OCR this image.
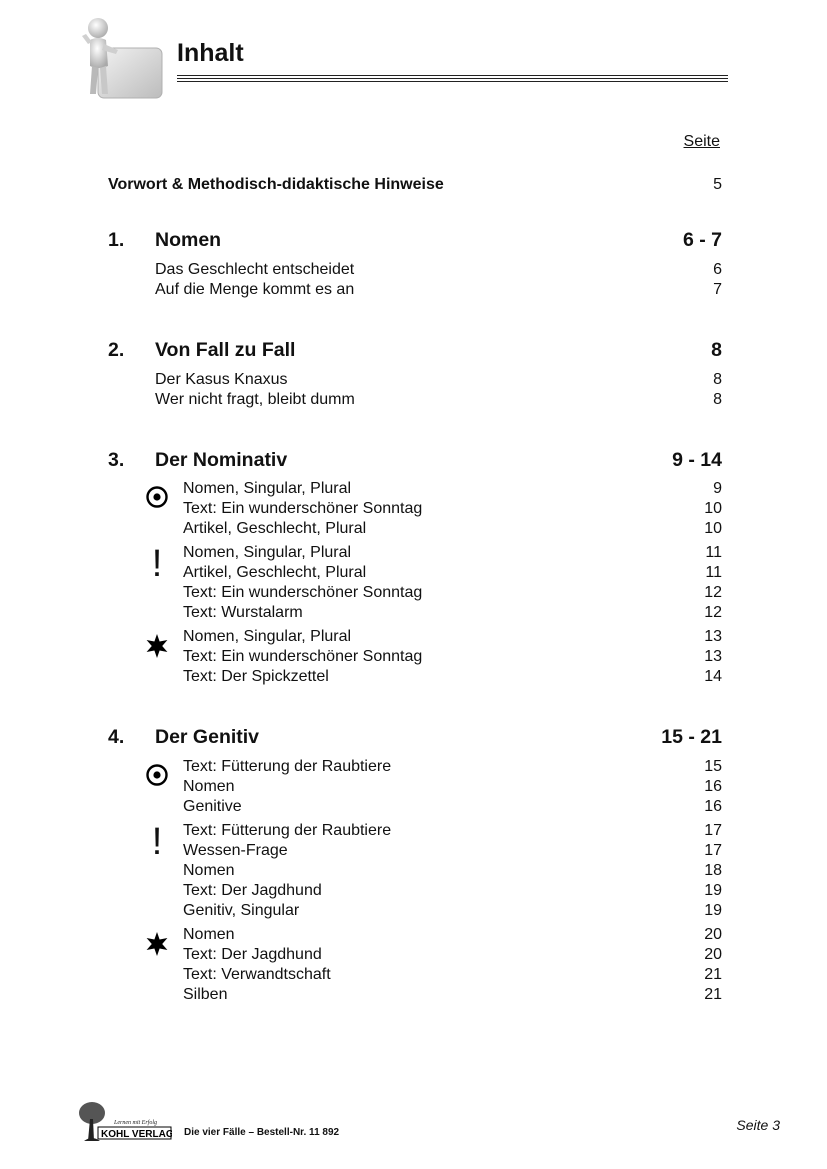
Inhalt
Seite
Vorwort & Methodisch-didaktische Hinweise	5
1. Nomen	6 - 7
Das Geschlecht entscheidet	6
Auf die Menge kommt es an	7
2. Von Fall zu Fall	8
Der Kasus Knaxus	8
Wer nicht fragt, bleibt dumm	8
3. Der Nominativ	9 - 14
Nomen, Singular, Plural	9
Text: Ein wunderschöner Sonntag	10
Artikel, Geschlecht, Plural	10
!	Nomen, Singular, Plural	11
Artikel, Geschlecht, Plural	11
Text: Ein wunderschöner Sonntag	12
Text: Wurstalarm	12
Nomen, Singular, Plural	13
Text: Ein wunderschöner Sonntag	13
Text: Der Spickzettel	14
4. Der Genitiv	15 - 21
Text: Fütterung der Raubtiere	15
Nomen	16
Genitive	16
!	Text: Fütterung der Raubtiere	17
Wessen-Frage	17
Nomen	18
Text: Der Jagdhund	19
Genitiv, Singular	19
Nomen	20
Text: Der Jagdhund	20
Text: Verwandtschaft	21
Silben	21
Lernen mit Erfolg
KOHL VERLAG Die vier Fälle – Bestell-Nr. 11 892	Seite 3
